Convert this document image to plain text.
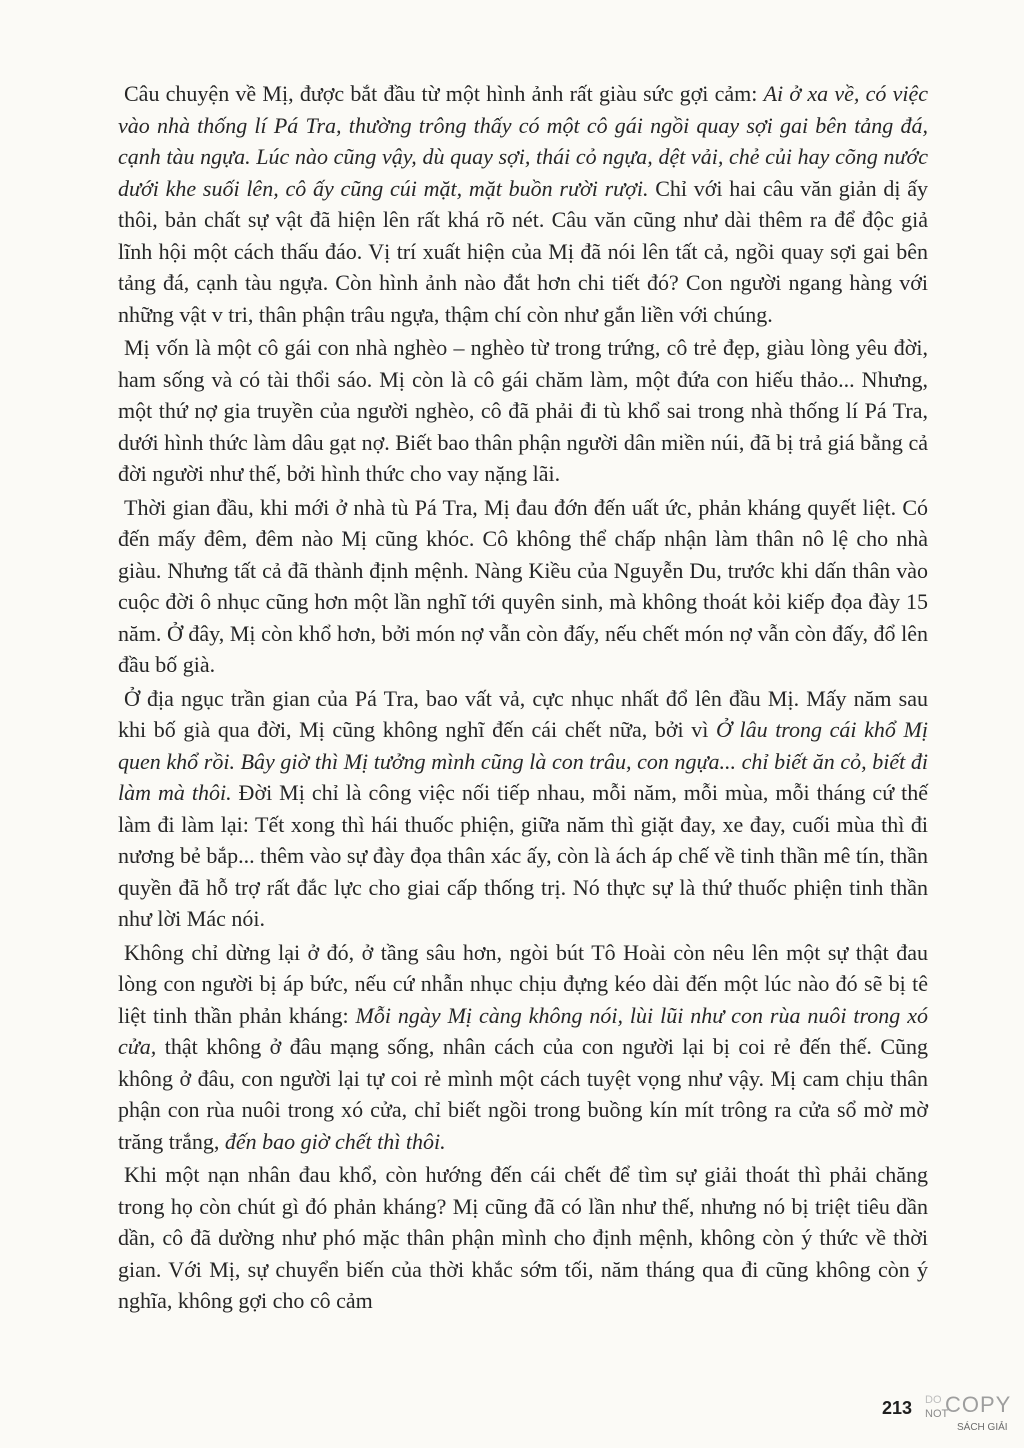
Câu chuyện về Mị, được bắt đầu từ một hình ảnh rất giàu sức gợi cảm: Ai ở xa về, có việc vào nhà thống lí Pá Tra, thường trông thấy có một cô gái ngồi quay sợi gai bên tảng đá, cạnh tàu ngựa. Lúc nào cũng vậy, dù quay sợi, thái cỏ ngựa, dệt vải, chẻ củi hay cõng nước dưới khe suối lên, cô ấy cũng cúi mặt, mặt buồn rười rượi. Chỉ với hai câu văn giản dị ấy thôi, bản chất sự vật đã hiện lên rất khá rõ nét. Câu văn cũng như dài thêm ra để độc giả lĩnh hội một cách thấu đáo. Vị trí xuất hiện của Mị đã nói lên tất cả, ngồi quay sợi gai bên tảng đá, cạnh tàu ngựa. Còn hình ảnh nào đắt hơn chi tiết đó? Con người ngang hàng với những vật v tri, thân phận trâu ngựa, thậm chí còn như gắn liền với chúng.

Mị vốn là một cô gái con nhà nghèo – nghèo từ trong trứng, cô trẻ đẹp, giàu lòng yêu đời, ham sống và có tài thổi sáo. Mị còn là cô gái chăm làm, một đứa con hiếu thảo... Nhưng, một thứ nợ gia truyền của người nghèo, cô đã phải đi tù khổ sai trong nhà thống lí Pá Tra, dưới hình thức làm dâu gạt nợ. Biết bao thân phận người dân miền núi, đã bị trả giá bằng cả đời người như thế, bởi hình thức cho vay nặng lãi.

Thời gian đầu, khi mới ở nhà tù Pá Tra, Mị đau đớn đến uất ức, phản kháng quyết liệt. Có đến mấy đêm, đêm nào Mị cũng khóc. Cô không thể chấp nhận làm thân nô lệ cho nhà giàu. Nhưng tất cả đã thành định mệnh. Nàng Kiều của Nguyễn Du, trước khi dấn thân vào cuộc đời ô nhục cũng hơn một lần nghĩ tới quyên sinh, mà không thoát kỏi kiếp đọa đày 15 năm. Ở đây, Mị còn khổ hơn, bởi món nợ vẫn còn đấy, nếu chết món nợ vẫn còn đấy, đổ lên đầu bố già.

Ở địa ngục trần gian của Pá Tra, bao vất vả, cực nhục nhất đổ lên đầu Mị. Mấy năm sau khi bố già qua đời, Mị cũng không nghĩ đến cái chết nữa, bởi vì Ở lâu trong cái khổ Mị quen khổ rồi. Bây giờ thì Mị tưởng mình cũng là con trâu, con ngựa... chỉ biết ăn cỏ, biết đi làm mà thôi. Đời Mị chỉ là công việc nối tiếp nhau, mỗi năm, mỗi mùa, mỗi tháng cứ thế làm đi làm lại: Tết xong thì hái thuốc phiện, giữa năm thì giặt đay, xe đay, cuối mùa thì đi nương bẻ bắp... thêm vào sự đày đọa thân xác ấy, còn là ách áp chế về tinh thần mê tín, thần quyền đã hỗ trợ rất đắc lực cho giai cấp thống trị. Nó thực sự là thứ thuốc phiện tinh thần như lời Mác nói.

Không chỉ dừng lại ở đó, ở tầng sâu hơn, ngòi bút Tô Hoài còn nêu lên một sự thật đau lòng con người bị áp bức, nếu cứ nhẫn nhục chịu đựng kéo dài đến một lúc nào đó sẽ bị tê liệt tinh thần phản kháng: Mỗi ngày Mị càng không nói, lùi lũi như con rùa nuôi trong xó cửa, thật không ở đâu mạng sống, nhân cách của con người lại bị coi rẻ đến thế. Cũng không ở đâu, con người lại tự coi rẻ mình một cách tuyệt vọng như vậy. Mị cam chịu thân phận con rùa nuôi trong xó cửa, chỉ biết ngồi trong buồng kín mít trông ra cửa sổ mờ mờ trăng trắng, đến bao giờ chết thì thôi.

Khi một nạn nhân đau khổ, còn hướng đến cái chết để tìm sự giải thoát thì phải chăng trong họ còn chút gì đó phản kháng? Mị cũng đã có lần như thế, nhưng nó bị triệt tiêu dần dần, cô đã dường như phó mặc thân phận mình cho định mệnh, không còn ý thức về thời gian. Với Mị, sự chuyển biến của thời khắc sớm tối, năm tháng qua đi cũng không còn ý nghĩa, không gợi cho cô cảm

213 DO
NOT
COPY
SÁCH GIẢI
